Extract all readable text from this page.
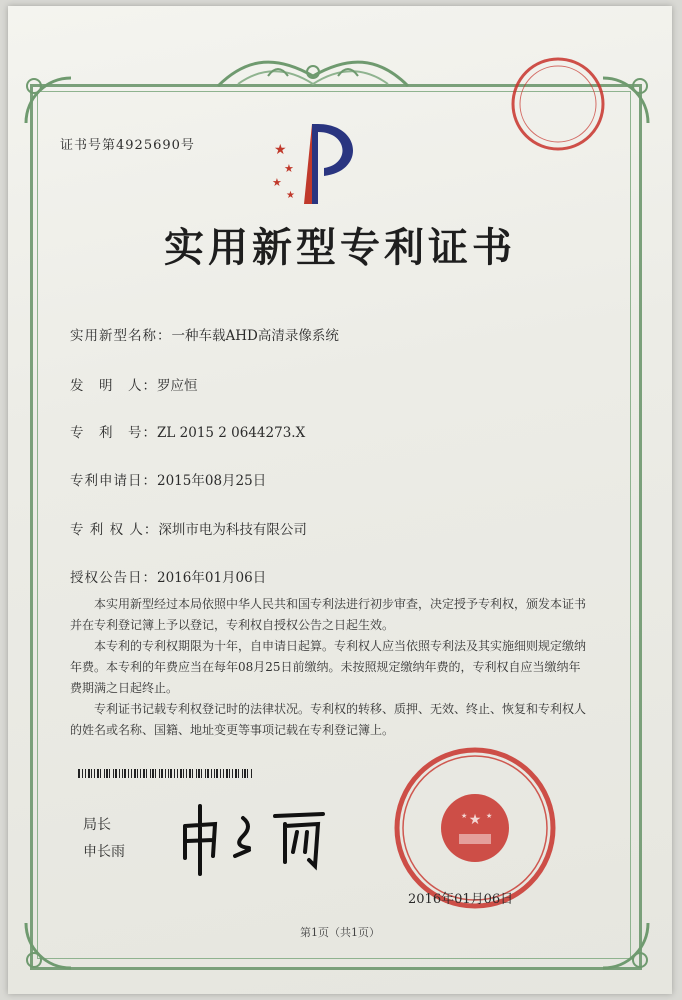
证书号第4925690号	★
★
★
★
实用新型专利证书
实用新型名称：一种车载AHD高清录像系统
发　明　人：罗应恒
专　利　号：ZL 2015 2 0644273.X
专利申请日：2015年08月25日
专 利 权 人：深圳市电为科技有限公司
授权公告日：2016年01月06日

本实用新型经过本局依照中华人民共和国专利法进行初步审查，决定授予专利权，颁发本证书并在专利登记簿上予以登记，专利权自授权公告之日起生效。

本专利的专利权期限为十年，自申请日起算。专利权人应当依照专利法及其实施细则规定缴纳年费。本专利的年费应当在每年08月25日前缴纳。未按照规定缴纳年费的，专利权自应当缴纳年费期满之日起终止。

专利证书记载专利权登记时的法律状况。专利权的转移、质押、无效、终止、恢复和专利权人的姓名或名称、国籍、地址变更等事项记载在专利登记簿上。

局长
申长雨
★
★	★
2016年01月06日
第1页（共1页）
